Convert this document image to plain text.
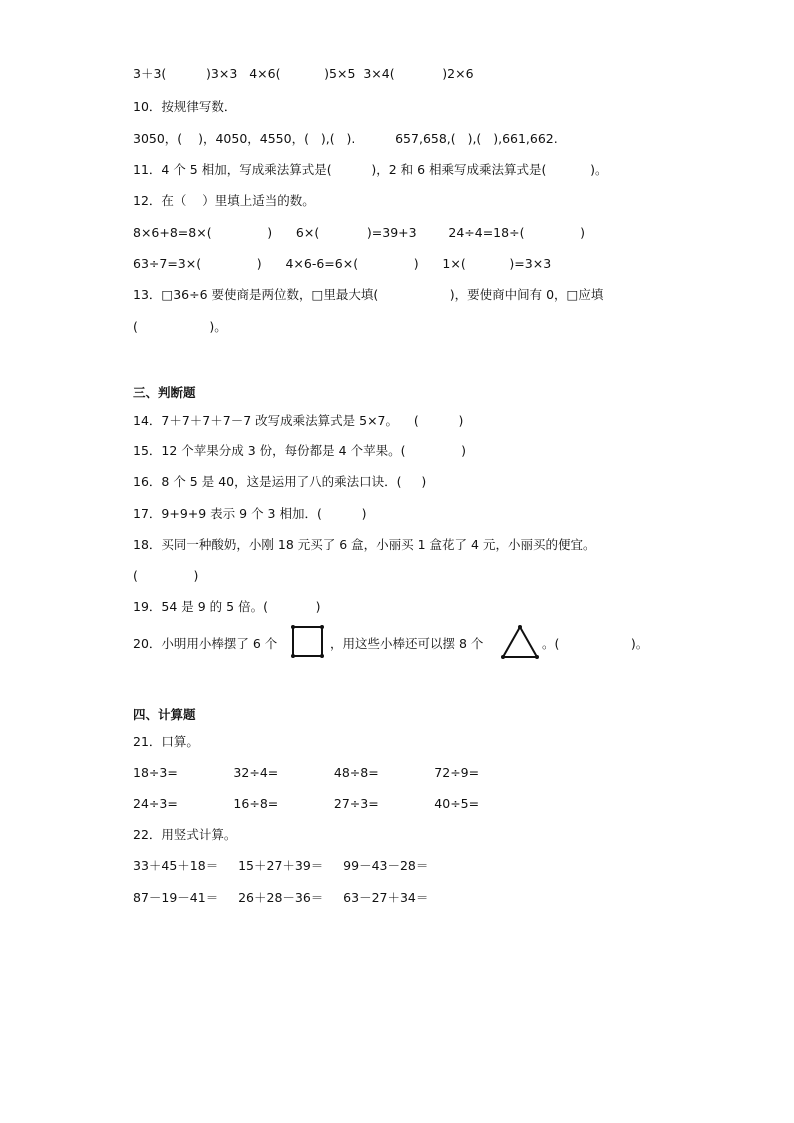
3＋3(          )3×3   4×6(           )5×5  3×4(            )2×6
10．按规律写数．
3050，(    )，4050，4550，(   ),(   ).          657,658,(   ),(   ),661,662.
11．4 个 5 相加，写成乘法算式是(          )，2 和 6 相乘写成乘法算式是(           )。
12．在（    ）里填上适当的数。
8×6+8=8×(              )      6×(            )=39+3        24÷4=18÷(              )
63÷7=3×(              )      4×6-6=6×(              )      1×(           )=3×3
13．□36÷6 要使商是两位数，□里最大填(                  )，要使商中间有 0，□应填
(                  )。
三、判断题
14．7＋7＋7＋7－7 改写成乘法算式是 5×7。    (          )
15．12 个苹果分成 3 份，每份都是 4 个苹果。(              )
16．8 个 5 是 40，这是运用了八的乘法口诀．(     )
17．9+9+9 表示 9 个 3 相加．(          )
18．买同一种酸奶，小刚 18 元买了 6 盒，小丽买 1 盒花了 4 元，小丽买的便宜。
(              )
19．54 是 9 的 5 倍。(            )
20．小明用小棒摆了 6 个	，用这些小棒还可以摆 8 个	。(                  )。
四、计算题
21．口算。
18÷3=              32÷4=              48÷8=              72÷9=
24÷3=              16÷8=              27÷3=              40÷5=
22．用竖式计算。
33＋45＋18＝     15＋27＋39＝     99－43－28＝
87－19－41＝     26＋28－36＝     63－27＋34＝
